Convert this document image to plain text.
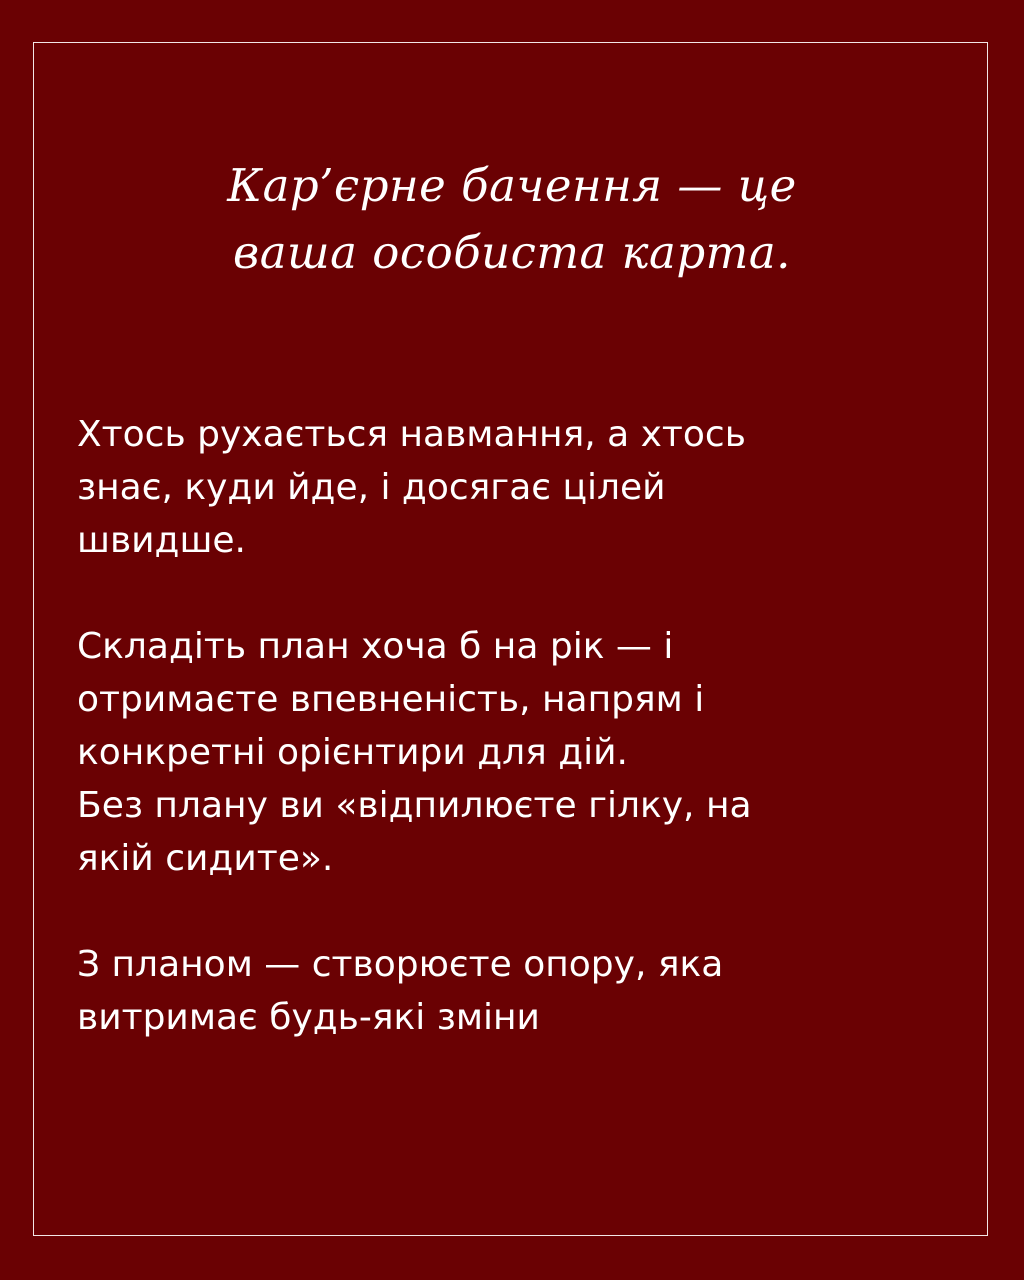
Кар’єрне бачення — це
ваша особиста карта.
Хтось рухається навмання, а хтось
знає, куди йде, і досягає цілей
швидше.
Складіть план хоча б на рік — і
отримаєте впевненість, напрям і
конкретні орієнтири для дій.
Без плану ви «відпилюєте гілку, на
якій сидите».
З планом — створюєте опору, яка
витримає будь-які зміни
